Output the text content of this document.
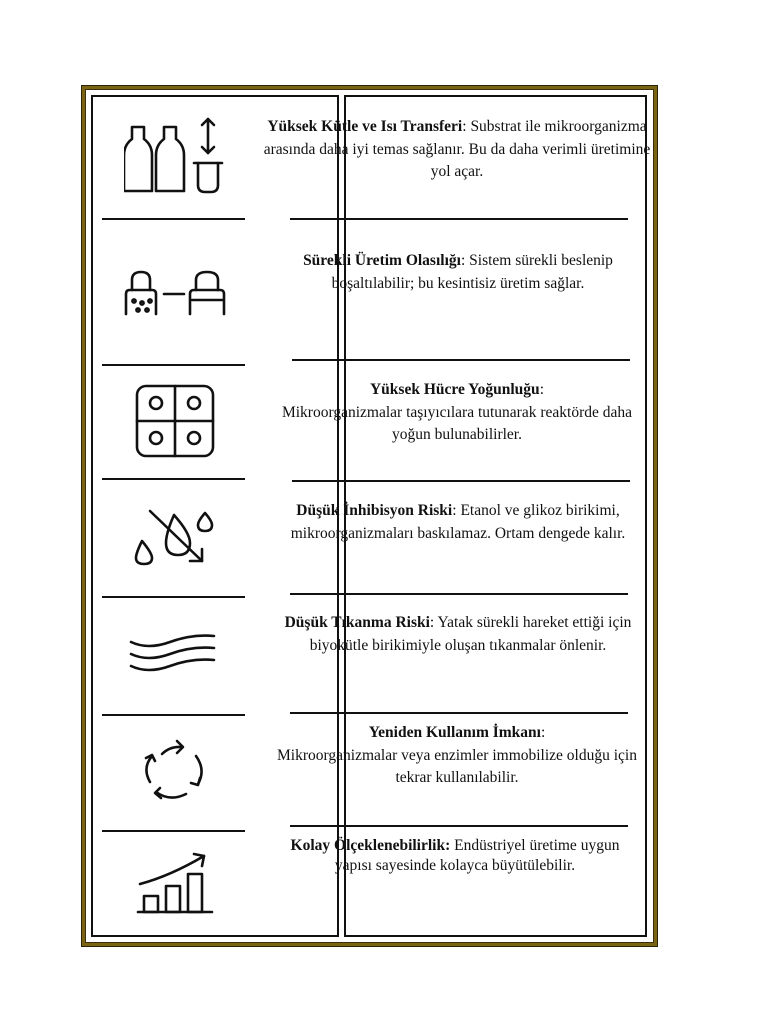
Yüksek Kütle ve Isı Transferi: Substrat ile mikroorganizma arasında daha iyi temas sağlanır. Bu da daha verimli üretimine yol açar.
Sürekli Üretim Olasılığı: Sistem sürekli beslenip boşaltılabilir; bu kesintisiz üretim sağlar.
Yüksek Hücre Yoğunluğu:
Mikroorganizmalar taşıyıcılara tutunarak reaktörde daha yoğun bulunabilirler.
Düşük İnhibisyon Riski: Etanol ve glikoz birikimi, mikroorganizmaları baskılamaz. Ortam dengede kalır.
Düşük Tıkanma Riski: Yatak sürekli hareket ettiği için biyokütle birikimiyle oluşan tıkanmalar önlenir.
Yeniden Kullanım İmkanı:
Mikroorganizmalar veya enzimler immobilize olduğu için tekrar kullanılabilir.
Kolay Ölçeklenebilirlik: Endüstriyel üretime uygun yapısı sayesinde kolayca büyütülebilir.
